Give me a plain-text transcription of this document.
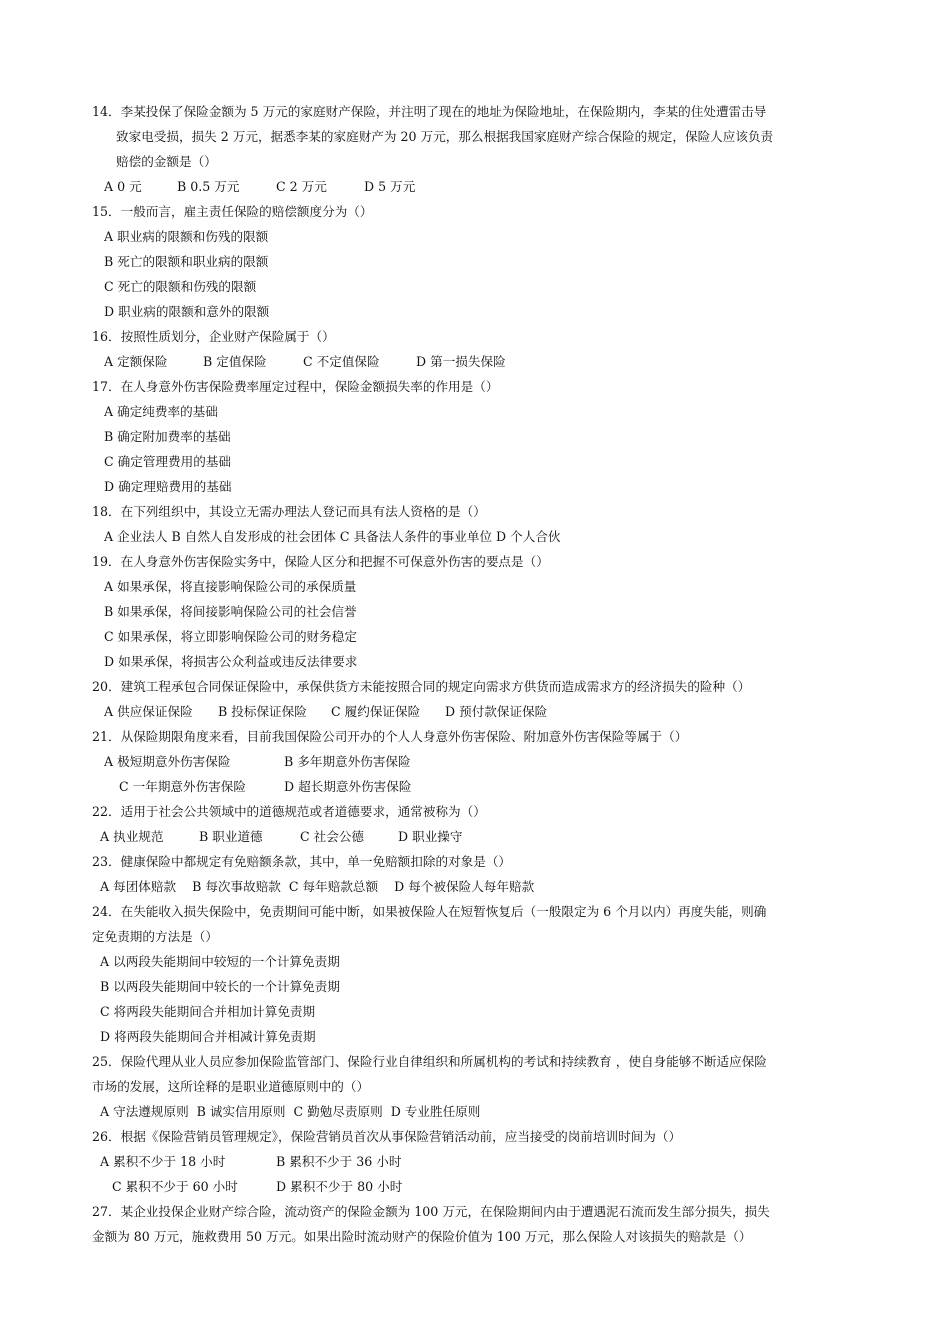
14．李某投保了保险金额为 5 万元的家庭财产保险，并注明了现在的地址为保险地址，在保险期内，李某的住处遭雷击导
致家电受损，损失 2 万元，据悉李某的家庭财产为 20 万元，那么根据我国家庭财产综合保险的规定，保险人应该负责
赔偿的金额是（）
A 0 元	B 0.5 万元	C 2 万元	D 5 万元
15．一般而言，雇主责任保险的赔偿额度分为（）
A 职业病的限额和伤残的限额
B 死亡的限额和职业病的限额
C 死亡的限额和伤残的限额
D 职业病的限额和意外的限额
16．按照性质划分，企业财产保险属于（）
A 定额保险	B 定值保险	C 不定值保险	D 第一损失保险
17．在人身意外伤害保险费率厘定过程中，保险金额损失率的作用是（）
A 确定纯费率的基础
B 确定附加费率的基础
C 确定管理费用的基础
D 确定理赔费用的基础
18．在下列组织中，其设立无需办理法人登记而具有法人资格的是（）
A 企业法人 B 自然人自发形成的社会团体 C 具备法人条件的事业单位 D 个人合伙
19．在人身意外伤害保险实务中，保险人区分和把握不可保意外伤害的要点是（）
A 如果承保，将直接影响保险公司的承保质量
B 如果承保，将间接影响保险公司的社会信誉
C 如果承保，将立即影响保险公司的财务稳定
D 如果承保，将损害公众利益或违反法律要求
20．建筑工程承包合同保证保险中，承保供货方未能按照合同的规定向需求方供货而造成需求方的经济损失的险种（）
A 供应保证保险 B 投标保证保险 C 履约保证保险 D 预付款保证保险
21．从保险期限角度来看，目前我国保险公司开办的个人人身意外伤害保险、附加意外伤害保险等属于（）
A 极短期意外伤害保险	B 多年期意外伤害保险
C 一年期意外伤害保险	D 超长期意外伤害保险
22．适用于社会公共领域中的道德规范或者道德要求，通常被称为（）
A 执业规范	B 职业道德	C 社会公德	D 职业操守
23．健康保险中都规定有免赔额条款，其中，单一免赔额扣除的对象是（）
A 每团体赔款    B 每次事故赔款  C 每年赔款总额    D 每个被保险人每年赔款
24．在失能收入损失保险中，免责期间可能中断，如果被保险人在短暂恢复后（一般限定为 6 个月以内）再度失能，则确
定免责期的方法是（）
A 以两段失能期间中较短的一个计算免责期
B 以两段失能期间中较长的一个计算免责期
C 将两段失能期间合并相加计算免责期
D 将两段失能期间合并相减计算免责期
25．保险代理从业人员应参加保险监管部门、保险行业自律组织和所属机构的考试和持续教育 ，使自身能够不断适应保险
市场的发展，这所诠释的是职业道德原则中的（）
A 守法遵规原则  B 诚实信用原则  C 勤勉尽责原则  D 专业胜任原则
26．根据《保险营销员管理规定》，保险营销员首次从事保险营销活动前，应当接受的岗前培训时间为（）
A 累积不少于 18 小时	B 累积不少于 36 小时
C 累积不少于 60 小时	D 累积不少于 80 小时
27．某企业投保企业财产综合险，流动资产的保险金额为 100 万元，在保险期间内由于遭遇泥石流而发生部分损失，损失
金额为 80 万元，施救费用 50 万元。如果出险时流动财产的保险价值为 100 万元，那么保险人对该损失的赔款是（）
